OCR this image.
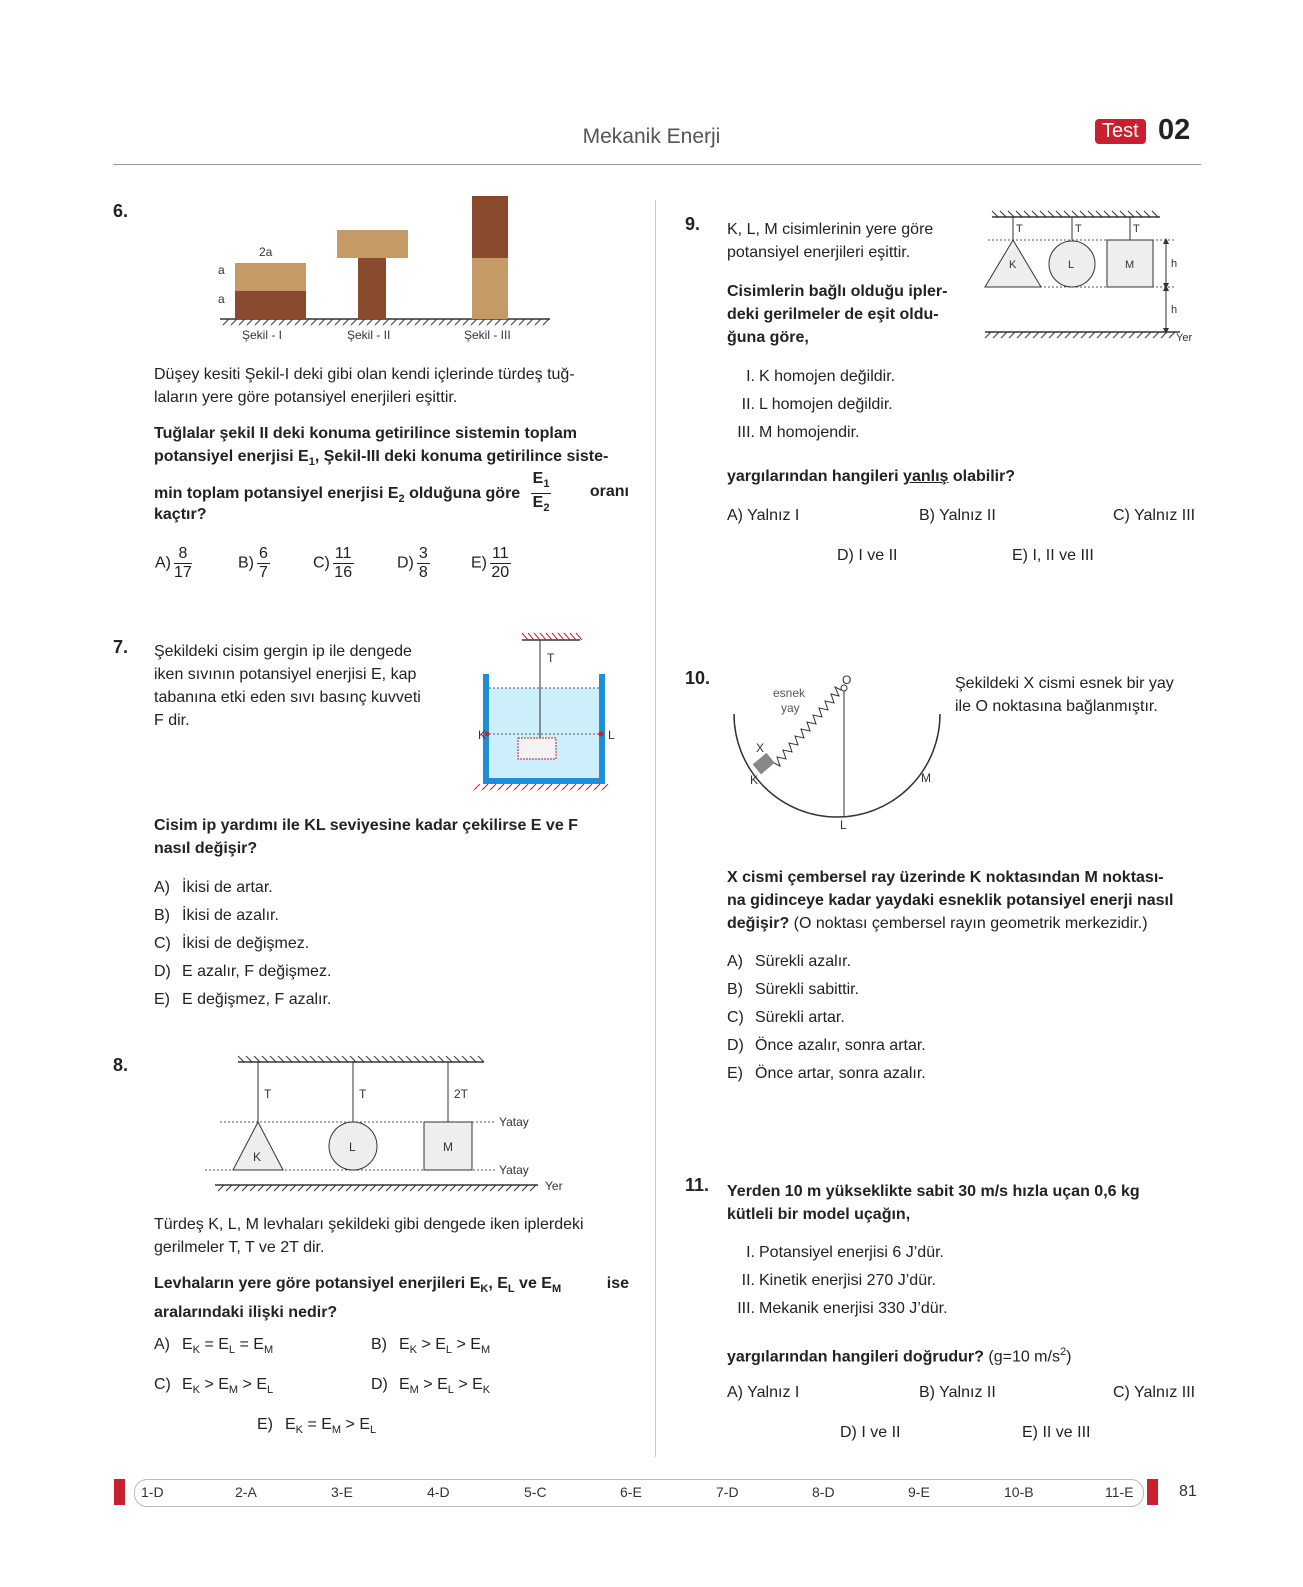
Mekanik Enerji	Test 02
6.
2a
a
a
Şekil - I	Şekil - II	Şekil - III
Düşey kesiti Şekil-I deki gibi olan kendi içlerinde türdeş tuğ-
laların yere göre potansiyel enerjileri eşittir.
Tuğlalar şekil II deki konuma getirilince sistemin toplam
potansiyel enerjisi $E_1$, Şekil-III deki konuma getirilince siste-
min toplam potansiyel enerjisi $E_2$ olduğuna göre $\frac{E_1}{E_2}$ oranı
kaçtır?
$A) \frac{8}{17}$	$B) \frac{6}{7}$	$C) \frac{11}{16}$	$D) \frac{3}{8}$	$E) \frac{11}{20}$
7. Şekildeki cisim gergin ip ile dengede
iken sıvının potansiyel enerjisi E, kap
tabanına etki eden sıvı basınç kuvveti
F dir.
T
K	L
Cisim ip yardımı ile KL seviyesine kadar çekilirse E ve F
nasıl değişir?
A) İkisi de artar.
B) İkisi de azalır.
C) İkisi de değişmez.
D) E azalır, F değişmez.
E) E değişmez, F azalır.
8.
T	T	2T
K
L	M
Yatay
Yatay
Yer
Türdeş K, L, M levhaları şekildeki gibi dengede iken iplerdeki
gerilmeler T, T ve 2T dir.
Levhaların yere göre potansiyel enerjileri $E_K$, $E_L$ ve $E_M$	ise
aralarındaki ilişki nedir?
A) $E_K = E_L = E_M$	B) $E_K > E_L > E_M$
C) $E_K > E_M > E_L$	D) $E_M > E_L > E_K$
E) $E_K = E_M > E_L$
9. K, L, M cisimlerinin yere göre
potansiyel enerjileri eşittir.
Cisimlerin bağlı olduğu ipler-
deki gerilmeler de eşit oldu-
ğuna göre,
T	T	T
K	L	M	h
h
Yer
I. K homojen değildir.
II. L homojen değildir.
III. M homojendir.
yargılarından hangileri yanlış olabilir?
A) Yalnız I	B) Yalnız II	C) Yalnız III
D) I ve II	E) I, II ve III
10.	O
esnek
yay
X
K
L
M
Şekildeki X cismi esnek bir yay
ile O noktasına bağlanmıştır.
X cismi çembersel ray üzerinde K noktasından M noktası-
na gidinceye kadar yaydaki esneklik potansiyel enerji nasıl
değişir? (O noktası çembersel rayın geometrik merkezidir.)
A) Sürekli azalır.
B) Sürekli sabittir.
C) Sürekli artar.
D) Önce azalır, sonra artar.
E) Önce artar, sonra azalır.
11. Yerden 10 m yükseklikte sabit 30 m/s hızla uçan 0,6 kg
kütleli bir model uçağın,
I. Potansiyel enerjisi 6 J’dür.
II. Kinetik enerjisi 270 J’dür.
III. Mekanik enerjisi 330 J’dür.
yargılarından hangileri doğrudur? (g=10 $m/s^2$)
A) Yalnız I	B) Yalnız II	C) Yalnız III
D) I ve II	E) II ve III
1-D	2-A	3-E	4-D	5-C	6-E	7-D	8-D	9-E	10-B	11-E	81
